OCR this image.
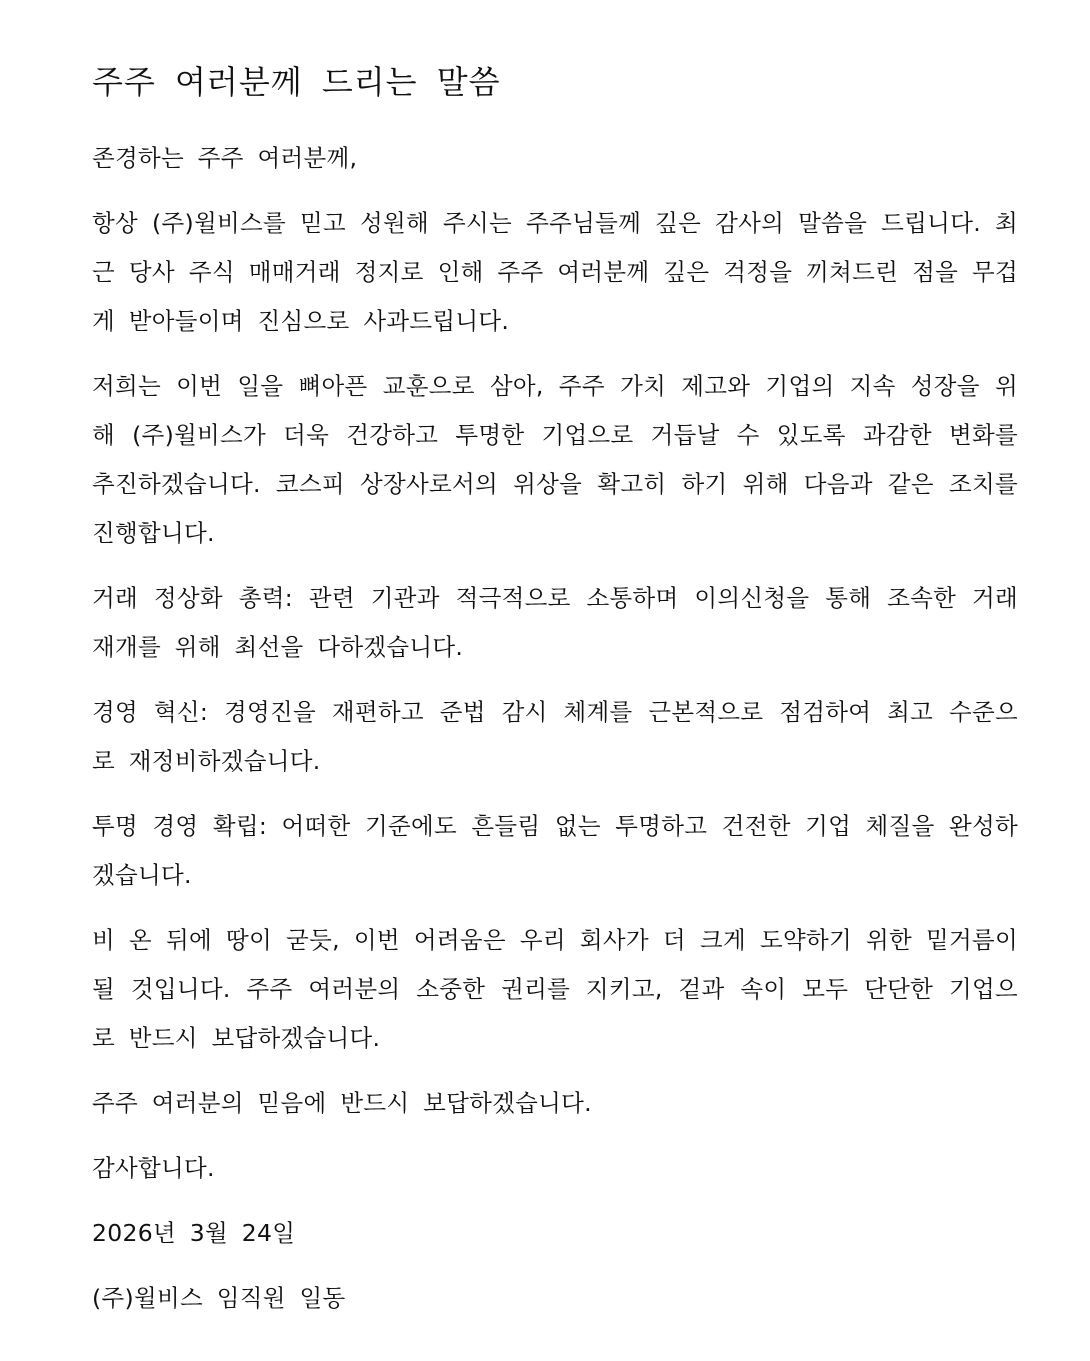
주주 여러분께 드리는 말씀

존경하는 주주 여러분께,

항상 (주)윌비스를 믿고 성원해 주시는 주주님들께 깊은 감사의 말씀을 드립니다. 최근 당사 주식 매매거래 정지로 인해 주주 여러분께 깊은 걱정을 끼쳐드린 점을 무겁게 받아들이며 진심으로 사과드립니다.

저희는 이번 일을 뼈아픈 교훈으로 삼아, 주주 가치 제고와 기업의 지속 성장을 위해 (주)윌비스가 더욱 건강하고 투명한 기업으로 거듭날 수 있도록 과감한 변화를 추진하겠습니다. 코스피 상장사로서의 위상을 확고히 하기 위해 다음과 같은 조치를 진행합니다.

거래 정상화 총력: 관련 기관과 적극적으로 소통하며 이의신청을 통해 조속한 거래 재개를 위해 최선을 다하겠습니다.

경영 혁신: 경영진을 재편하고 준법 감시 체계를 근본적으로 점검하여 최고 수준으로 재정비하겠습니다.

투명 경영 확립: 어떠한 기준에도 흔들림 없는 투명하고 건전한 기업 체질을 완성하겠습니다.

비 온 뒤에 땅이 굳듯, 이번 어려움은 우리 회사가 더 크게 도약하기 위한 밑거름이 될 것입니다. 주주 여러분의 소중한 권리를 지키고, 겉과 속이 모두 단단한 기업으로 반드시 보답하겠습니다.

주주 여러분의 믿음에 반드시 보답하겠습니다.

감사합니다.

2026년 3월 24일

(주)윌비스 임직원 일동
